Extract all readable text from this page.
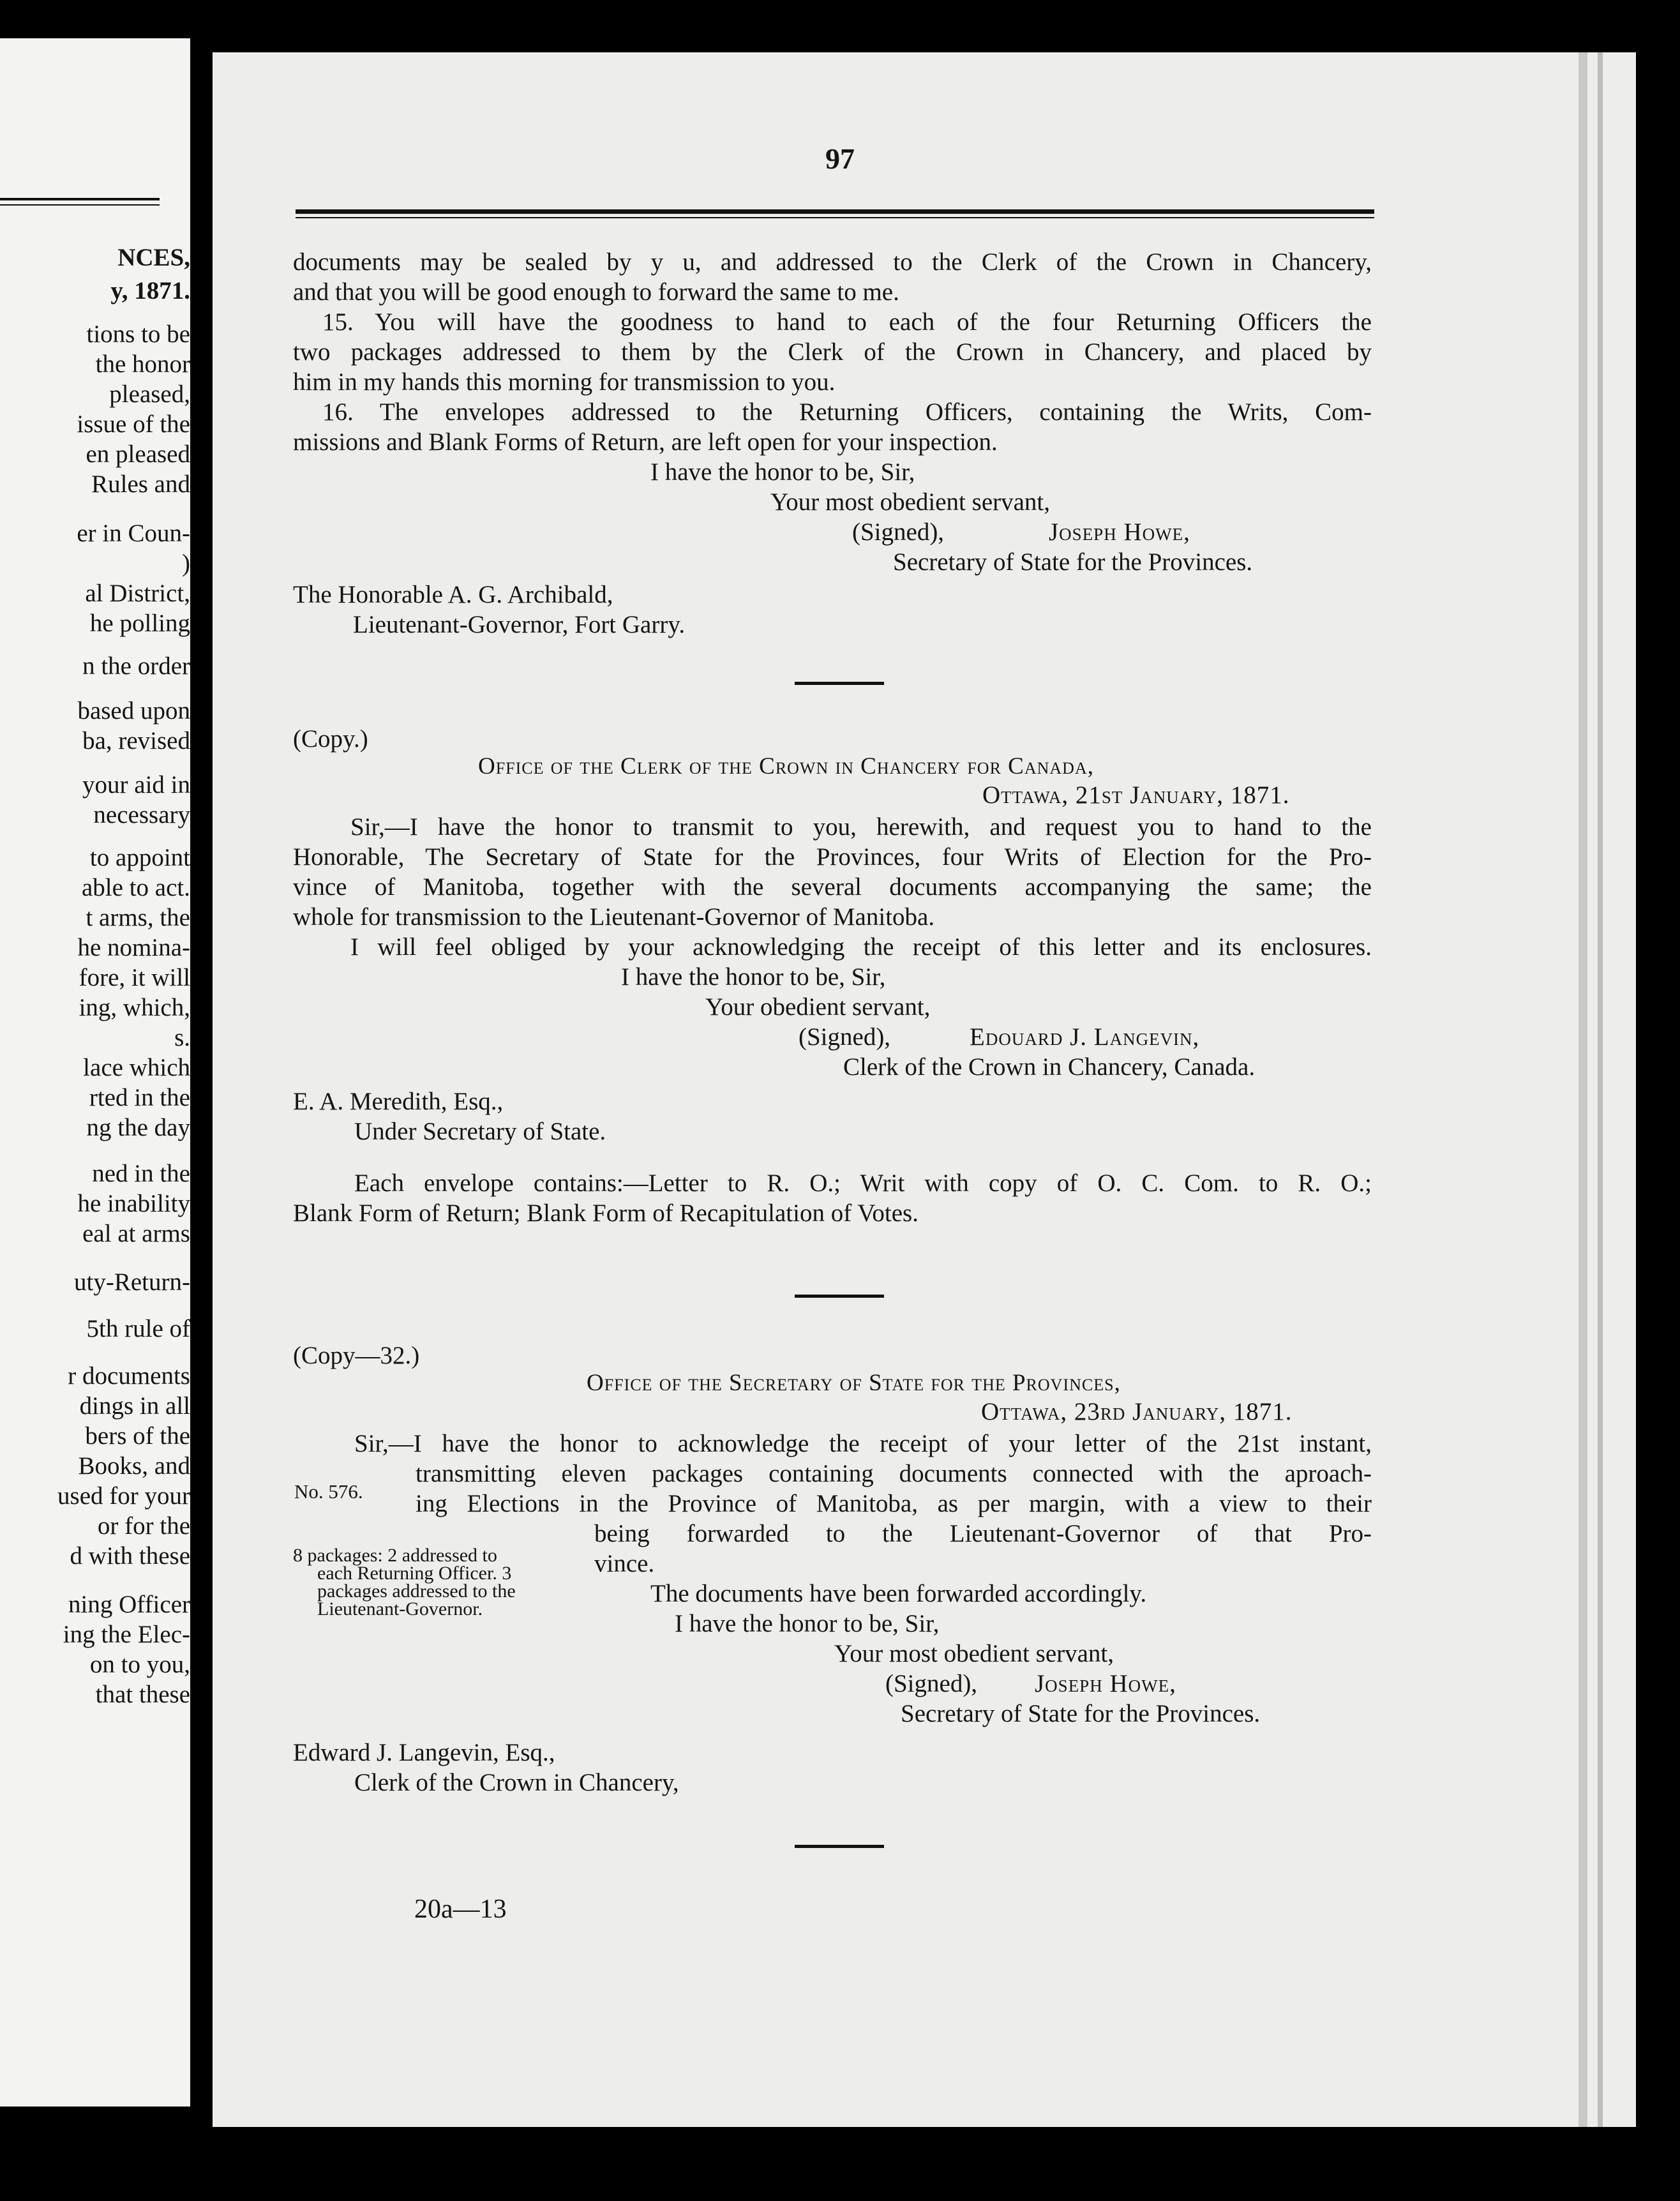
NCES,
y, 1871.
tions to be
the honor
pleased,
issue of the
en pleased
Rules and
er in Coun-
)
al District,
he polling
n the order
based upon
ba, revised
your aid in
necessary
to appoint
able to act.
t arms, the
he nomina-
fore, it will
ing, which,
s.
lace which
rted in the
ng the day
ned in the
he inability
eal at arms
uty-Return-
5th rule of
r documents
dings in all
bers of the
Books, and
used for your
or for the
d with these
ning Officer
ing the Elec-
on to you,
that these
97
documents may be sealed by y u, and addressed to the Clerk of the Crown in Chancery,
and that you will be good enough to forward the same to me.
15. You will have the goodness to hand to each of the four Returning Officers the
two packages addressed to them by the Clerk of the Crown in Chancery, and placed by
him in my hands this morning for transmission to you.
16. The envelopes addressed to the Returning Officers, containing the Writs, Com-
missions and Blank Forms of Return, are left open for your inspection.
I have the honor to be, Sir,
Your most obedient servant,
(Signed),	Joseph Howe,
Secretary of State for the Provinces.
The Honorable A. G. Archibald,
Lieutenant-Governor, Fort Garry.
(Copy.)
Office of the Clerk of the Crown in Chancery for Canada,
Ottawa, 21st January, 1871.
Sir,—I have the honor to transmit to you, herewith, and request you to hand to the
Honorable, The Secretary of State for the Provinces, four Writs of Election for the Pro-
vince of Manitoba, together with the several documents accompanying the same; the
whole for transmission to the Lieutenant-Governor of Manitoba.
I will feel obliged by your acknowledging the receipt of this letter and its enclosures.
I have the honor to be, Sir,
Your obedient servant,
(Signed),	Edouard J. Langevin,
Clerk of the Crown in Chancery, Canada.
E. A. Meredith, Esq.,
Under Secretary of State.
Each envelope contains:—Letter to R. O.; Writ with copy of O. C. Com. to R. O.;
Blank Form of Return; Blank Form of Recapitulation of Votes.
(Copy—32.)
Office of the Secretary of State for the Provinces,
Ottawa, 23rd January, 1871.
Sir,—I have the honor to acknowledge the receipt of your letter of the 21st instant,
No. 576.
transmitting eleven packages containing documents connected with the aproach-
ing Elections in the Province of Manitoba, as per margin, with a view to their
being forwarded to the Lieutenant-Governor of that Pro-
vince.
8 packages: 2 addressed to
each Returning Officer. 3
packages addressed to the
Lieutenant-Governor.
The documents have been forwarded accordingly.
I have the honor to be, Sir,
Your most obedient servant,
(Signed), Joseph Howe,
Secretary of State for the Provinces.
Edward J. Langevin, Esq.,
Clerk of the Crown in Chancery,
20a—13
